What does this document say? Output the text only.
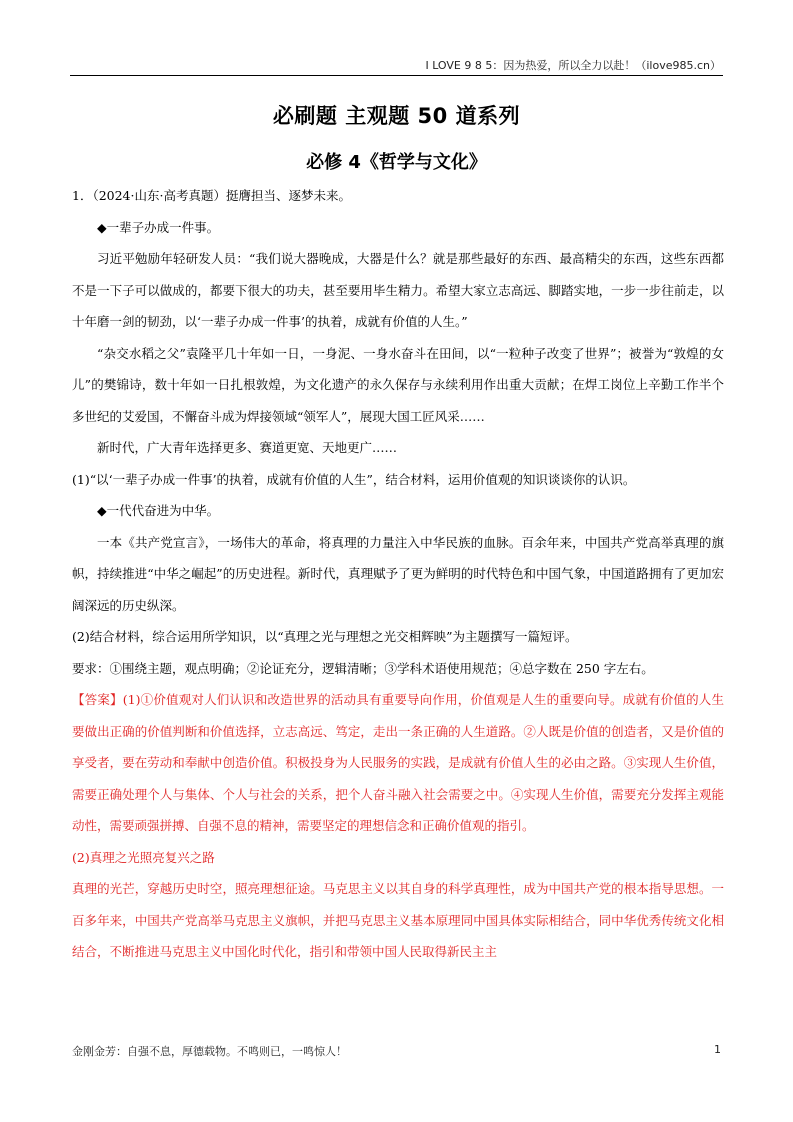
I LOVE 9 8 5：因为热爱，所以全力以赴！（ilove985.cn）
必刷题 主观题 50 道系列
必修 4《哲学与文化》

1．（2024·山东·高考真题）挺膺担当、逐梦未来。

◆一辈子办成一件事。

习近平勉励年轻研发人员：“我们说大器晚成，大器是什么？就是那些最好的东西、最高精尖的东西，这些东西都不是一下子可以做成的，都要下很大的功夫，甚至要用毕生精力。希望大家立志高远、脚踏实地，一步一步往前走，以十年磨一剑的韧劲，以‘一辈子办成一件事’的执着，成就有价值的人生。”

“杂交水稻之父”袁隆平几十年如一日，一身泥、一身水奋斗在田间，以“一粒种子改变了世界”；被誉为“敦煌的女儿”的樊锦诗，数十年如一日扎根敦煌，为文化遗产的永久保存与永续利用作出重大贡献；在焊工岗位上辛勤工作半个多世纪的艾爱国，不懈奋斗成为焊接领域“领军人”，展现大国工匠风采……

新时代，广大青年选择更多、赛道更宽、天地更广……

(1)“以‘一辈子办成一件事’的执着，成就有价值的人生”，结合材料，运用价值观的知识谈谈你的认识。

◆一代代奋进为中华。

一本《共产党宣言》，一场伟大的革命，将真理的力量注入中华民族的血脉。百余年来，中国共产党高举真理的旗帜，持续推进“中华之崛起”的历史进程。新时代，真理赋予了更为鲜明的时代特色和中国气象，中国道路拥有了更加宏阔深远的历史纵深。

(2)结合材料，综合运用所学知识，以“真理之光与理想之光交相辉映”为主题撰写一篇短评。

要求：①围绕主题，观点明确；②论证充分，逻辑清晰；③学科术语使用规范；④总字数在 250 字左右。

【答案】(1)①价值观对人们认识和改造世界的活动具有重要导向作用，价值观是人生的重要向导。成就有价值的人生要做出正确的价值判断和价值选择，立志高远、笃定，走出一条正确的人生道路。②人既是价值的创造者，又是价值的享受者，要在劳动和奉献中创造价值。积极投身为人民服务的实践，是成就有价值人生的必由之路。③实现人生价值，需要正确处理个人与集体、个人与社会的关系，把个人奋斗融入社会需要之中。④实现人生价值，需要充分发挥主观能动性，需要顽强拼搏、自强不息的精神，需要坚定的理想信念和正确价值观的指引。

(2)真理之光照亮复兴之路

真理的光芒，穿越历史时空，照亮理想征途。马克思主义以其自身的科学真理性，成为中国共产党的根本指导思想。一百多年来，中国共产党高举马克思主义旗帜，并把马克思主义基本原理同中国具体实际相结合，同中华优秀传统文化相结合，不断推进马克思主义中国化时代化，指引和带领中国人民取得新民主主

金刚金芳：自强不息，厚德载物。不鸣则已，一鸣惊人！	1
